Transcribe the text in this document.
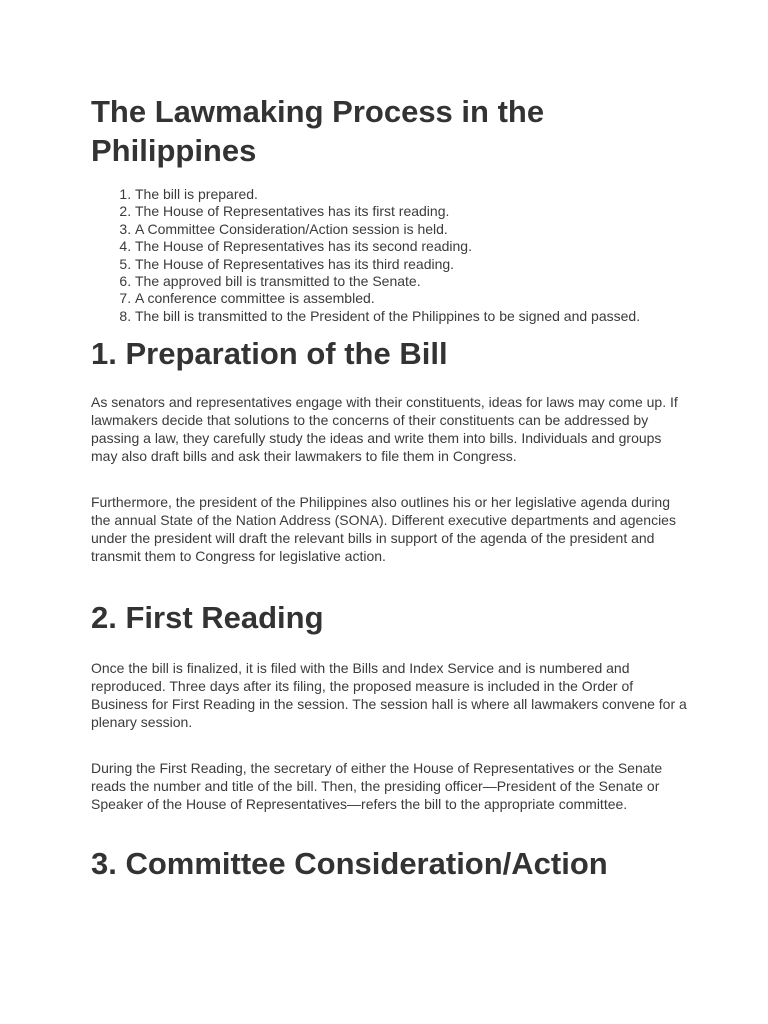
The Lawmaking Process in the Philippines
1. The bill is prepared.
2. The House of Representatives has its first reading.
3. A Committee Consideration/Action session is held.
4. The House of Representatives has its second reading.
5. The House of Representatives has its third reading.
6. The approved bill is transmitted to the Senate.
7. A conference committee is assembled.
8. The bill is transmitted to the President of the Philippines to be signed and passed.
1. Preparation of the Bill

As senators and representatives engage with their constituents, ideas for laws may come up. If lawmakers decide that solutions to the concerns of their constituents can be addressed by passing a law, they carefully study the ideas and write them into bills. Individuals and groups may also draft bills and ask their lawmakers to file them in Congress.

Furthermore, the president of the Philippines also outlines his or her legislative agenda during the annual State of the Nation Address (SONA). Different executive departments and agencies under the president will draft the relevant bills in support of the agenda of the president and transmit them to Congress for legislative action.

2. First Reading

Once the bill is finalized, it is filed with the Bills and Index Service and is numbered and reproduced. Three days after its filing, the proposed measure is included in the Order of Business for First Reading in the session. The session hall is where all lawmakers convene for a plenary session.

During the First Reading, the secretary of either the House of Representatives or the Senate reads the number and title of the bill. Then, the presiding officer—President of the Senate or Speaker of the House of Representatives—refers the bill to the appropriate committee.

3. Committee Consideration/Action
